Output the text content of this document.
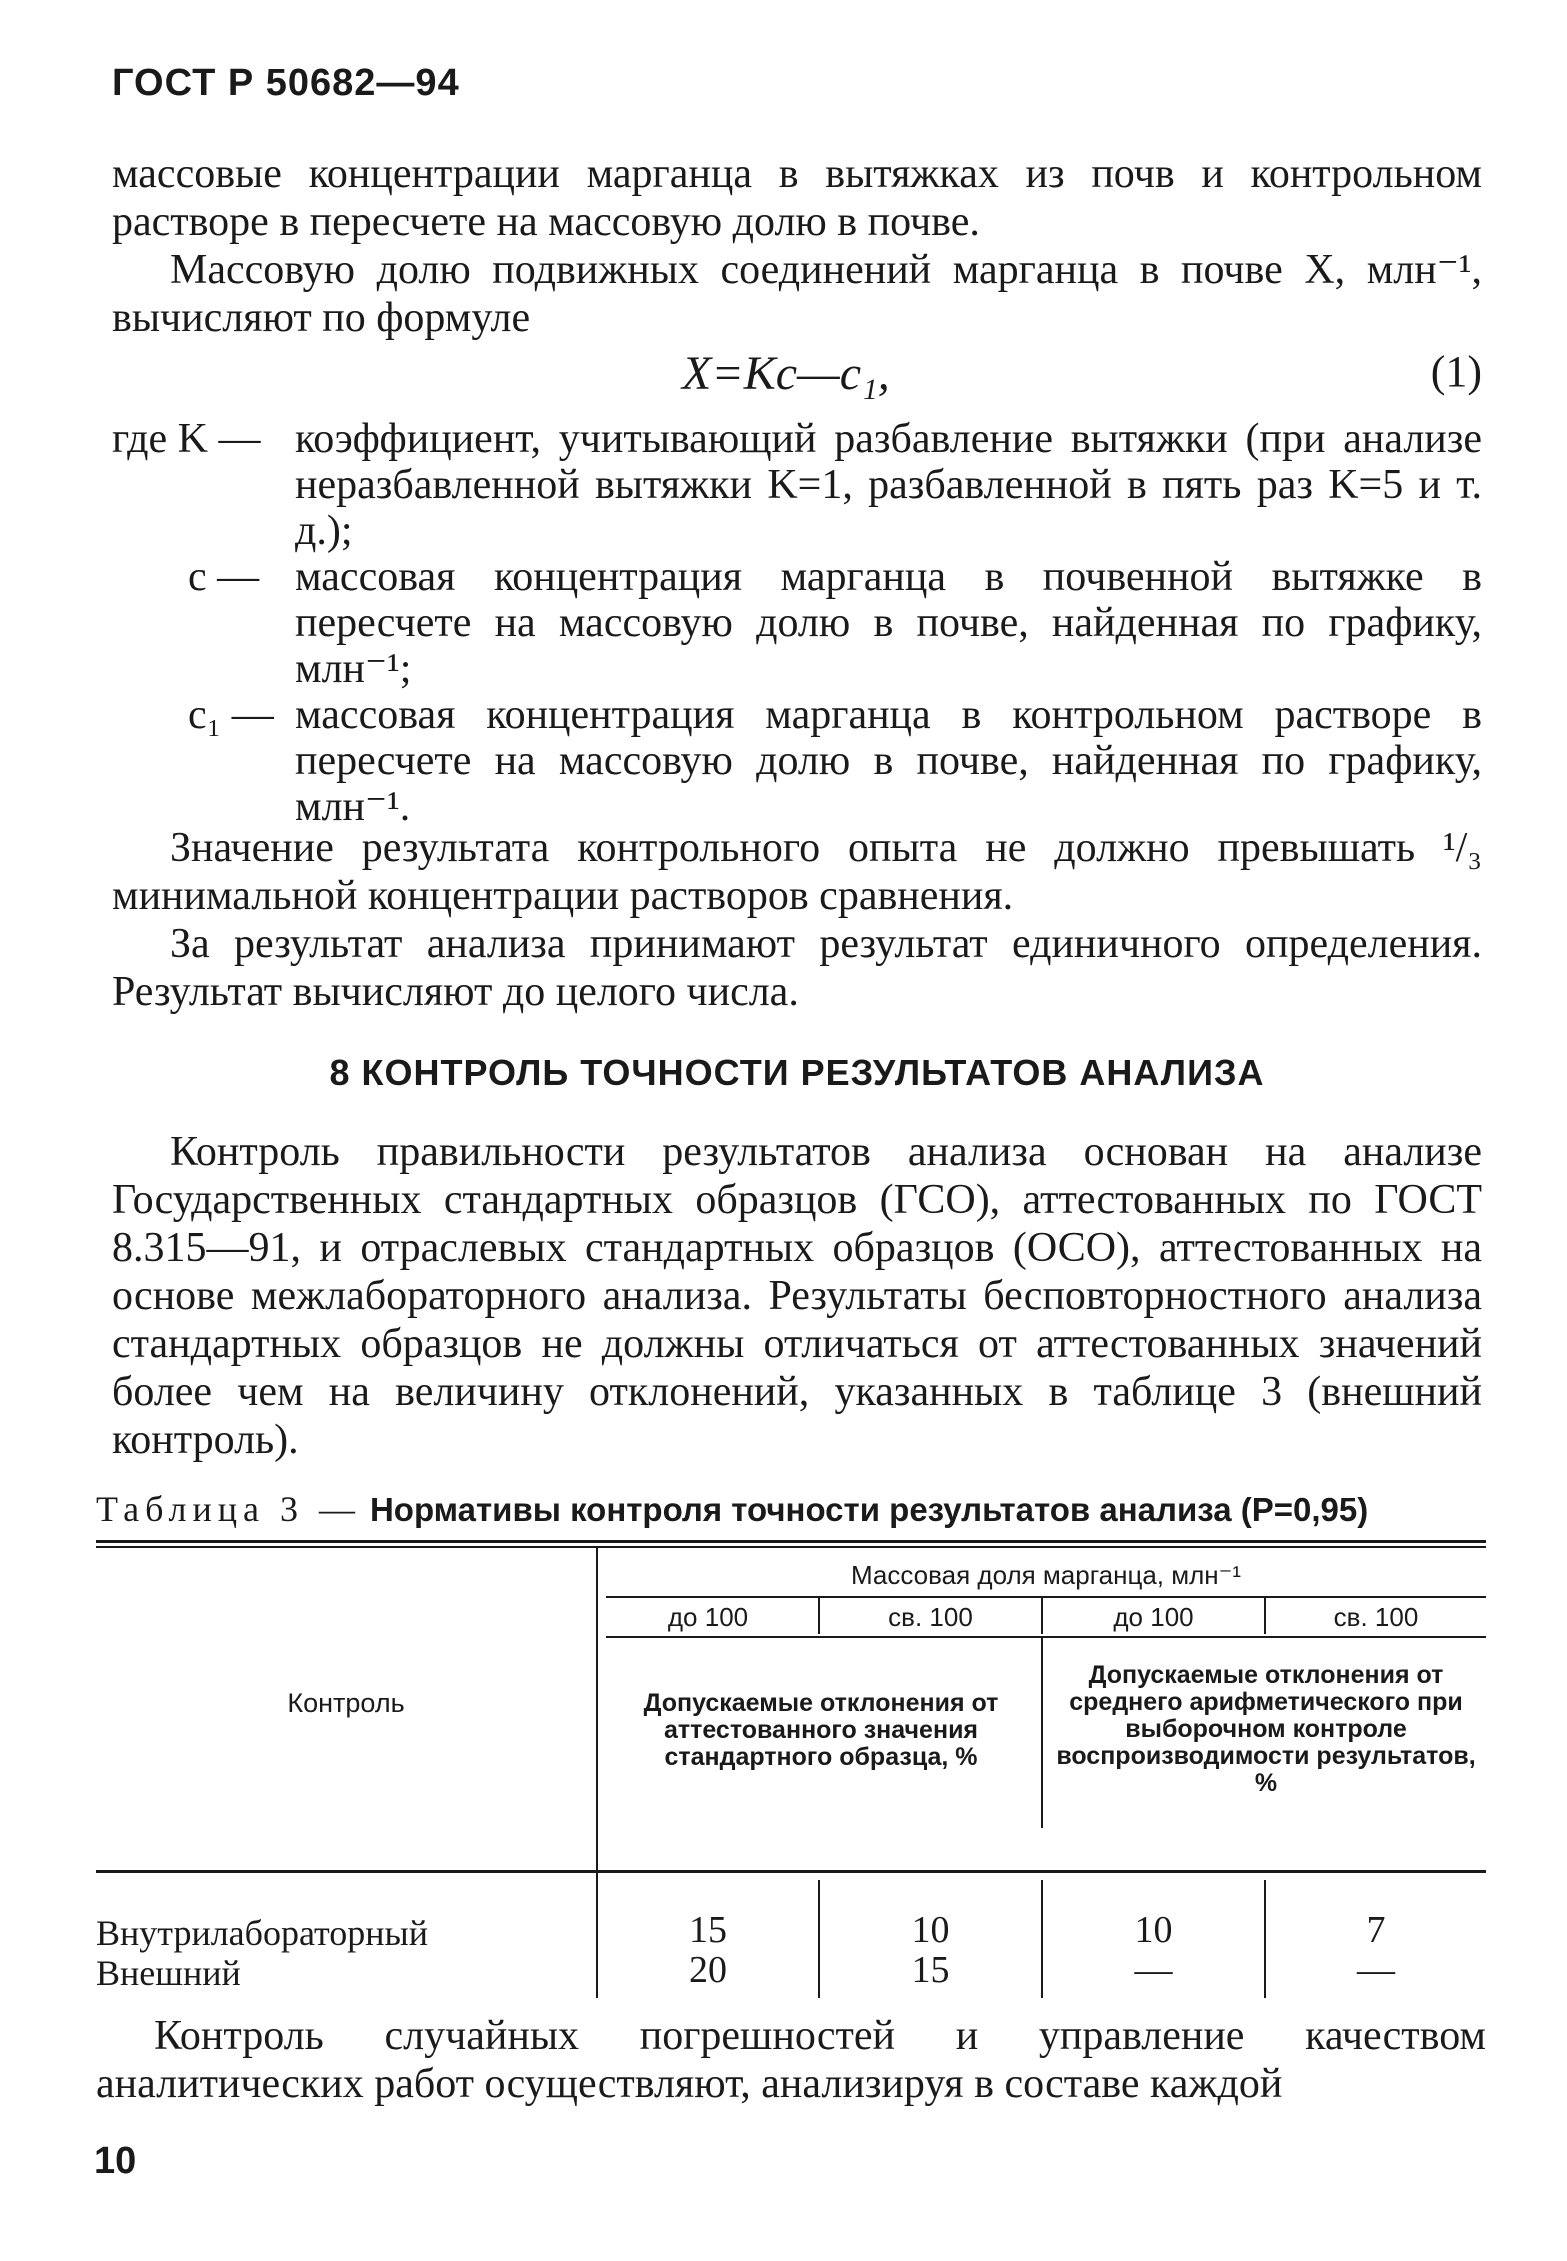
ГОСТ Р 50682—94

массовые концентрации марганца в вытяжках из почв и контрольном растворе в пересчете на массовую долю в почве.

Массовую долю подвижных соединений марганца в почве X, млн⁻¹, вычисляют по формуле

X=Kc—c₁,	(1)
где K — коэффициент, учитывающий разбавление вытяжки (при анализе неразбавленной вытяжки K=1, разбавленной в пять раз K=5 и т. д.);
c — массовая концентрация марганца в почвенной вытяжке в пересчете на массовую долю в почве, найденная по графику, млн⁻¹;
c₁ — массовая концентрация марганца в контрольном растворе в пересчете на массовую долю в почве, найденная по графику, млн⁻¹.

Значение результата контрольного опыта не должно превышать ¹/₃ минимальной концентрации растворов сравнения.

За результат анализа принимают результат единичного определения. Результат вычисляют до целого числа.

8 КОНТРОЛЬ ТОЧНОСТИ РЕЗУЛЬТАТОВ АНАЛИЗА

Контроль правильности результатов анализа основан на анализе Государственных стандартных образцов (ГСО), аттестованных по ГОСТ 8.315—91, и отраслевых стандартных образцов (ОСО), аттестованных на основе межлабораторного анализа. Результаты бесповторностного анализа стандартных образцов не должны отличаться от аттестованных значений более чем на величину отклонений, указанных в таблице 3 (внешний контроль).

Таблица 3 — Нормативы контроля точности результатов анализа (P=0,95)
Контроль
Массовая доля марганца, млн⁻¹
до 100	св. 100	до 100	св. 100
Допускаемые отклонения от аттестованного значения стандартного образца, %
Допускаемые отклонения от среднего арифметического при выборочном контроле воспроизводимости результатов, %
Внутрилабораторный	15	10	10	7
Внешний	20	15	—	—

Контроль случайных погрешностей и управление качеством аналитических работ осуществляют, анализируя в составе каждой

10
